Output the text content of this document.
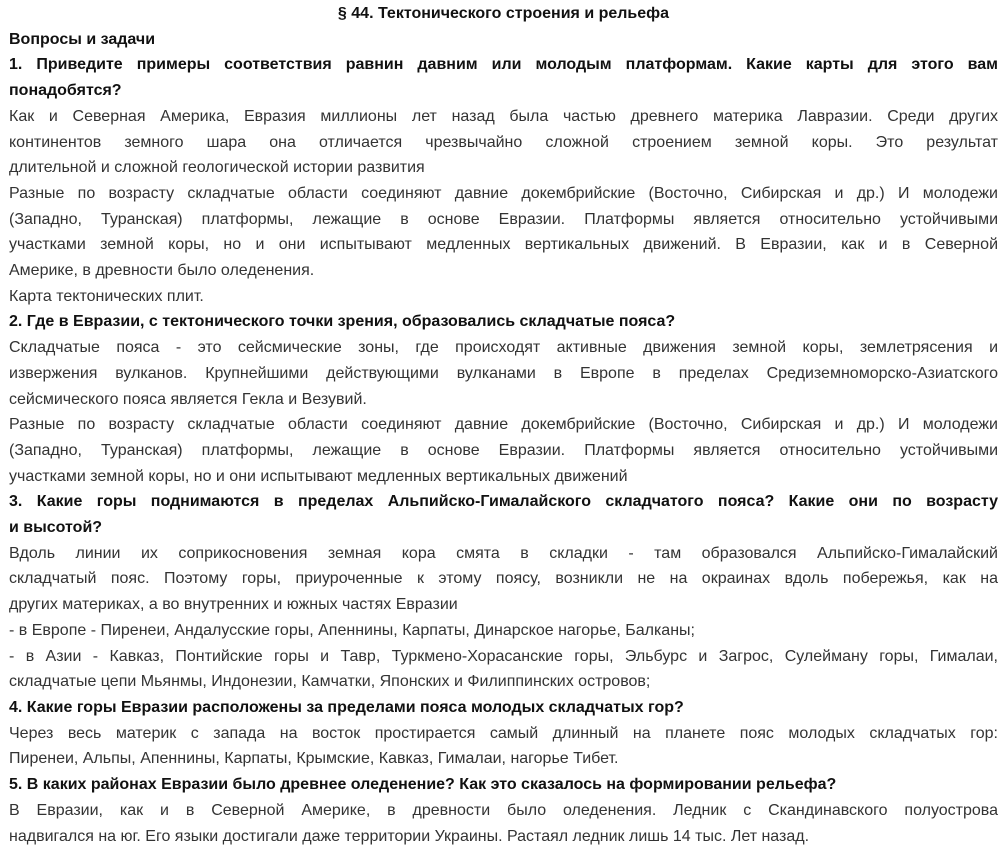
§ 44. Тектонического строения и рельефа
Вопросы и задачи
1. Приведите примеры соответствия равнин давним или молодым платформам. Какие карты для этого вам
понадобятся?
Как и Северная Америка, Евразия миллионы лет назад была частью древнего материка Лавразии. Среди других
континентов земного шара она отличается чрезвычайно сложной строением земной коры. Это результат
длительной и сложной геологической истории развития
Разные по возрасту складчатые области соединяют давние докембрийские (Восточно, Сибирская и др.) И молодежи
(Западно, Туранская) платформы, лежащие в основе Евразии. Платформы является относительно устойчивыми
участками земной коры, но и они испытывают медленных вертикальных движений. В Евразии, как и в Северной
Америке, в древности было оледенения.
Карта тектонических плит.
2. Где в Евразии, с тектонического точки зрения, образовались складчатые пояса?
Складчатые пояса - это сейсмические зоны, где происходят активные движения земной коры, землетрясения и
извержения вулканов. Крупнейшими действующими вулканами в Европе в пределах Средиземноморско-Азиатского
сейсмического пояса является Гекла и Везувий.
Разные по возрасту складчатые области соединяют давние докембрийские (Восточно, Сибирская и др.) И молодежи
(Западно, Туранская) платформы, лежащие в основе Евразии. Платформы является относительно устойчивыми
участками земной коры, но и они испытывают медленных вертикальных движений
3. Какие горы поднимаются в пределах Альпийско-Гималайского складчатого пояса? Какие они по возрасту
и высотой?
Вдоль линии их соприкосновения земная кора смята в складки - там образовался Альпийско-Гималайский
складчатый пояс. Поэтому горы, приуроченные к этому поясу, возникли не на окраинах вдоль побережья, как на
других материках, а во внутренних и южных частях Евразии
- в Европе - Пиренеи, Андалусские горы, Апеннины, Карпаты, Динарское нагорье, Балканы;
- в Азии - Кавказ, Понтийские горы и Тавр, Туркмено-Хорасанские горы, Эльбурс и Загрос, Сулейману горы, Гималаи,
складчатые цепи Мьянмы, Индонезии, Камчатки, Японских и Филиппинских островов;
4. Какие горы Евразии расположены за пределами пояса молодых складчатых гор?
Через весь материк с запада на восток простирается самый длинный на планете пояс молодых складчатых гор:
Пиренеи, Альпы, Апеннины, Карпаты, Крымские, Кавказ, Гималаи, нагорье Тибет.
5. В каких районах Евразии было древнее оледенение? Как это сказалось на формировании рельефа?
В Евразии, как и в Северной Америке, в древности было оледенения. Ледник с Скандинавского полуострова
надвигался на юг. Его языки достигали даже территории Украины. Растаял ледник лишь 14 тыс. Лет назад.
